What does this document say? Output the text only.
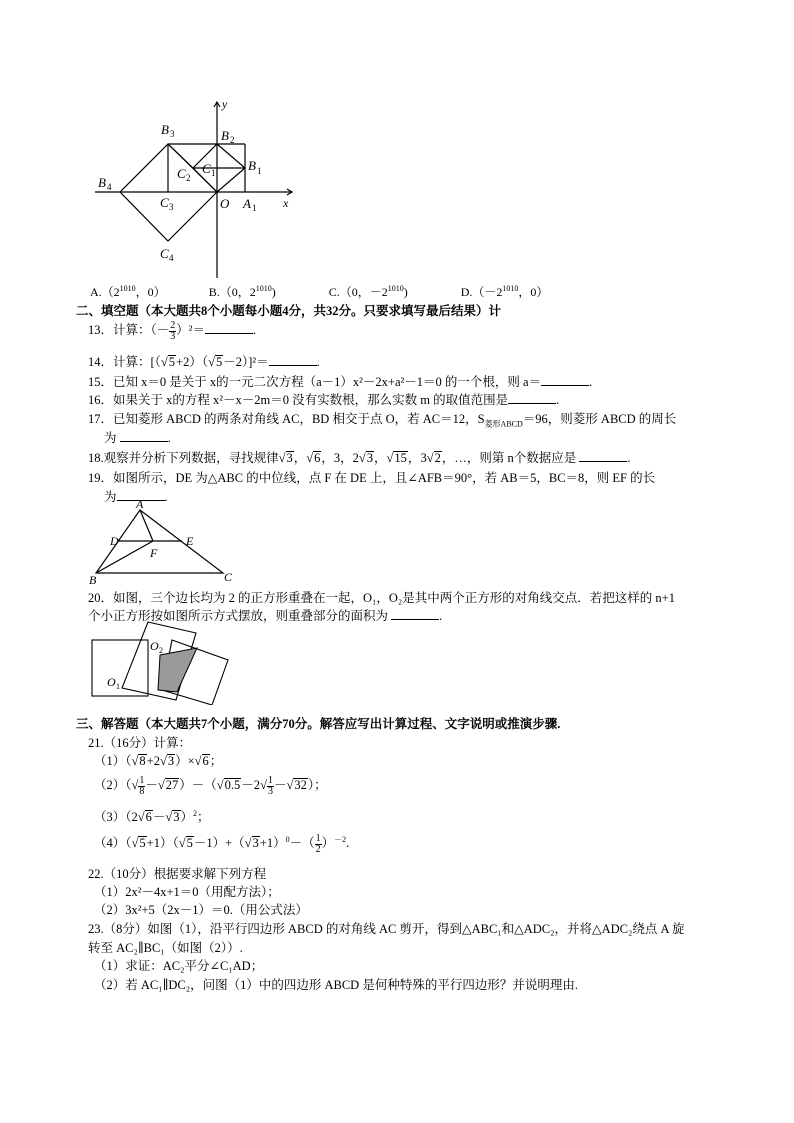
y
x
O A 1
B 1
B 2
B 3
B 4
C 1
C 2
C 3
C 4
$A.(2^{1010}$，0）	B.（0，$2^{1010}$)	C.（0，$-2^{1010}$)	$D.(-2^{1010}$，0）
二、填空题（本大题共8个小题每小题4分，共32分。只要求填写最后结果）计
13．计算：（－ $\frac{2}{3} )^2=$	.
14．计算：[（√5+2）（√5－2）]²＝	.
15．已知 x＝0 是关于 x的一元二次方程（a－1）x²－2x+a²－1＝0 的一个根，则 a＝	.
16．如果关于 x的方程 x²－x－2m＝0 没有实数根，那么实数 m 的取值范围是	.
17．已知菱形 ABCD 的两条对角线 AC，BD 相交于点 O，若 AC＝12，$S_{菱形ABCD}=96$，则菱形 ABCD 的周长
为	.
18.观察并分析下列数据，寻找规律√3，√6，3，2√3，√15，3√2，…，则第 n个数据应是	.
19．如图所示，DE 为△ABC 的中位线，点 F 在 DE 上，且∠AFB＝90°，若 AB＝5，BC＝8，则 EF 的长
为	.
A
B	C
D	E
F
20．如图，三个边长均为 2 的正方形重叠在一起，O₁，O₂是其中两个正方形的对角线交点．若把这样的 n+1
个小正方形按如图所示方式摆放，则重叠部分的面积为	.
O 1
O 2
三、解答题（本大题共7个小题，满分70分。解答应写出计算过程、文字说明或推演步骤.
21.（16分）计算：
（1）（√8+2√3）×√6；
$(2)(√ \frac{1}{8} -√27)-(√0.5-2√ \frac{1}{3} -√32)$；
$(3)(2√6-√3)^2$；
$(4)(√5+1)(√5-1)+(√3+1)^0-( \frac{1}{2} )^{-2}$.
22.（10分）根据要求解下列方程
（1）2x²－4x+1＝0（用配方法）；
（2）3x²+5（2x－1）＝0.（用公式法）
23.（8分）如图（1），沿平行四边形 ABCD 的对角线 AC 剪开，得到△ABC₁和△ADC₂，并将△ADC₂绕点 A 旋
转至 AC₂∥BC₁（如图（2））.
（1）求证：AC₂平分∠C₁AD；
（2）若 AC₁∥DC₂，问图（1）中的四边形 ABCD 是何种特殊的平行四边形？并说明理由.
